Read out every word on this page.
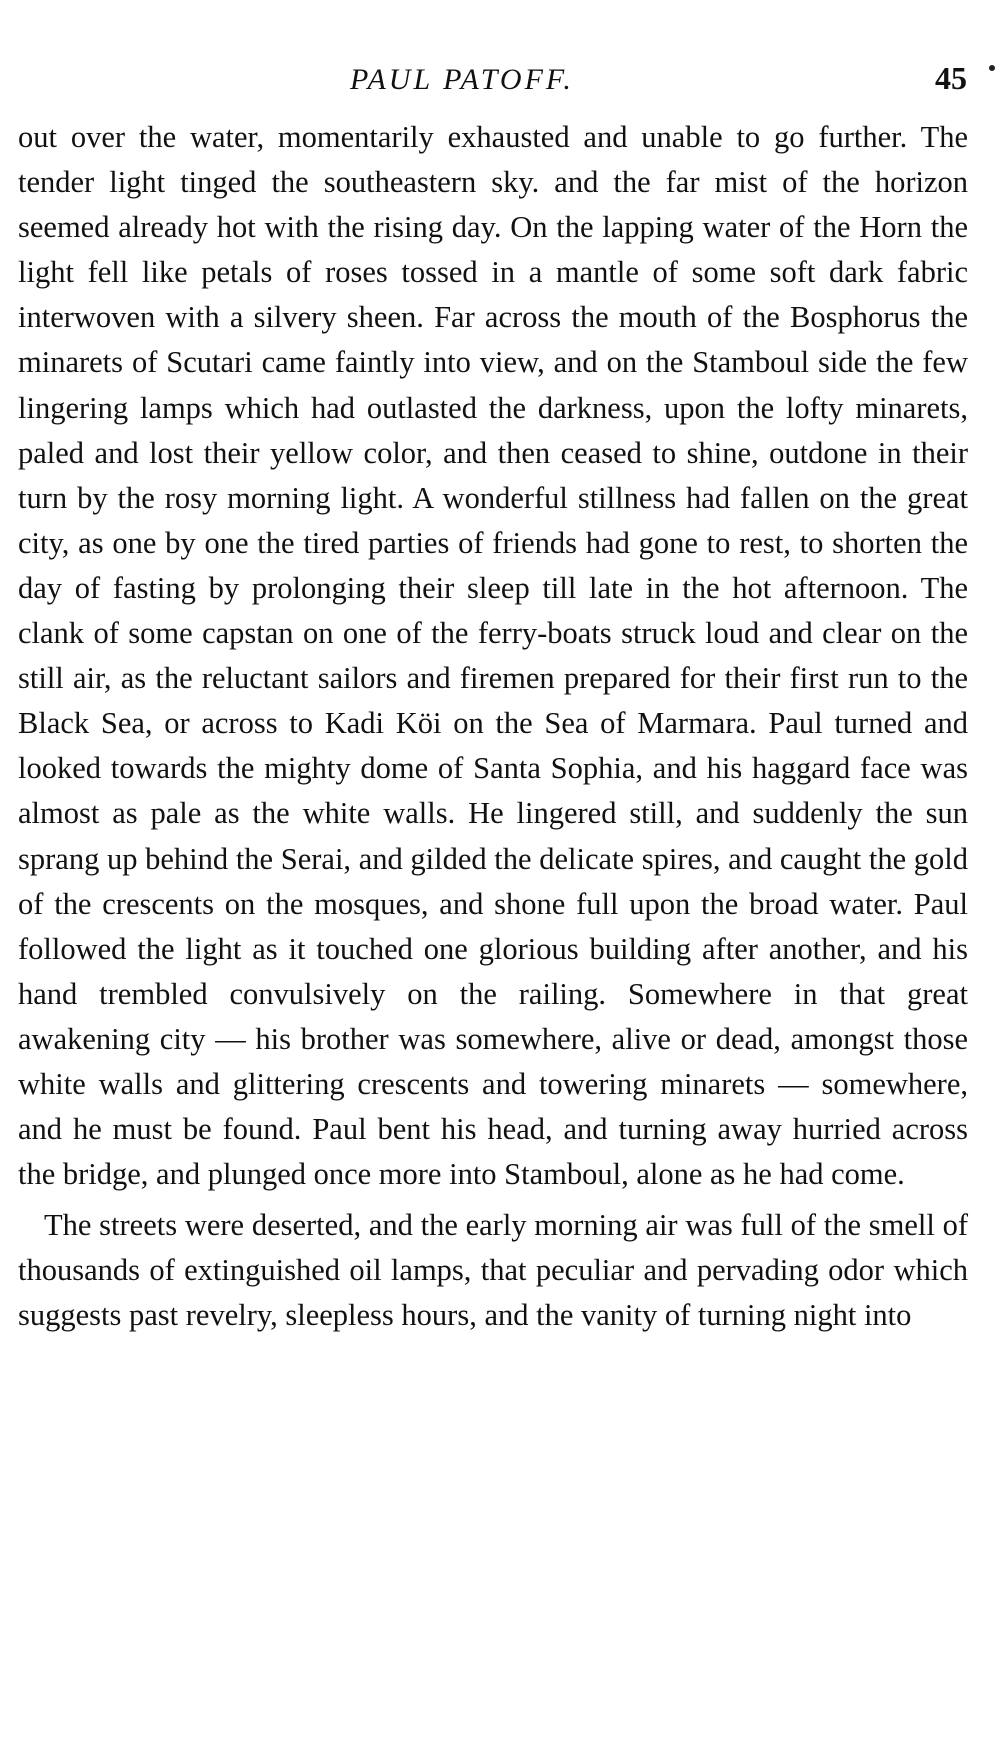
PAUL PATOFF.	45

out over the water, momentarily exhausted and unable to go further. The tender light tinged the southeastern sky. and the far mist of the horizon seemed already hot with the rising day. On the lapping water of the Horn the light fell like petals of roses tossed in a mantle of some soft dark fabric interwoven with a silvery sheen. Far across the mouth of the Bosphorus the minarets of Scutari came faintly into view, and on the Stamboul side the few lingering lamps which had outlasted the darkness, upon the lofty minarets, paled and lost their yellow color, and then ceased to shine, outdone in their turn by the rosy morning light. A wonderful stillness had fallen on the great city, as one by one the tired parties of friends had gone to rest, to shorten the day of fasting by prolonging their sleep till late in the hot afternoon. The clank of some capstan on one of the ferry-boats struck loud and clear on the still air, as the reluctant sailors and firemen prepared for their first run to the Black Sea, or across to Kadi Köi on the Sea of Marmara. Paul turned and looked towards the mighty dome of Santa Sophia, and his haggard face was almost as pale as the white walls. He lingered still, and suddenly the sun sprang up behind the Serai, and gilded the delicate spires, and caught the gold of the crescents on the mosques, and shone full upon the broad water. Paul followed the light as it touched one glorious building after another, and his hand trembled convulsively on the railing. Somewhere in that great awakening city — his brother was somewhere, alive or dead, amongst those white walls and glittering crescents and towering minarets — somewhere, and he must be found. Paul bent his head, and turning away hurried across the bridge, and plunged once more into Stamboul, alone as he had come.

The streets were deserted, and the early morning air was full of the smell of thousands of extinguished oil lamps, that peculiar and pervading odor which suggests past revelry, sleepless hours, and the vanity of turning night into
